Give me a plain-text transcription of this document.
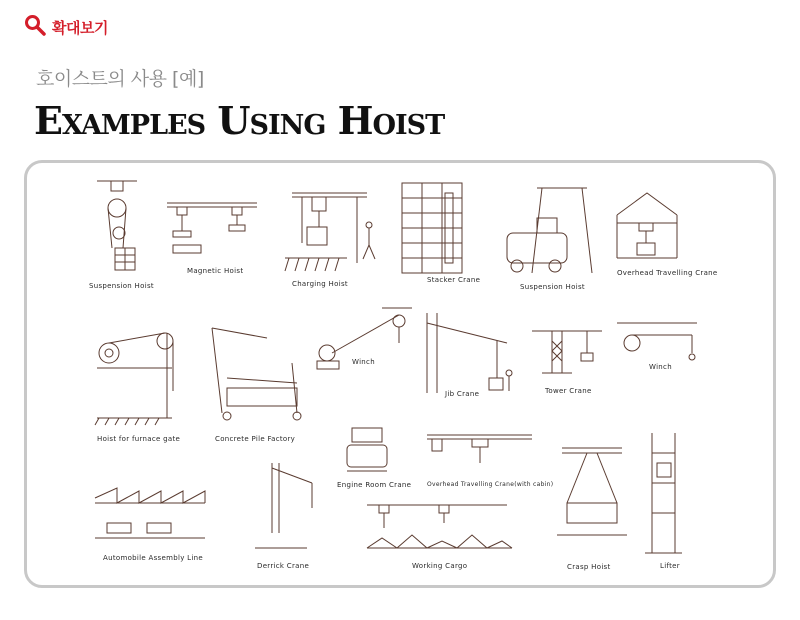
확대보기
호이스트의 사용 [예]
Examples Using Hoist
Suspension Hoist
Magnetic Hoist
Charging Hoist	Stacker Crane
Suspension Hoist
Overhead Travelling Crane
Winch
Winch
Jib Crane	Tower Crane
Hoist for furnace gate	Concrete Pile Factory
Engine Room Crane	Overhead Travelling Crane(with cabin)
Automobile Assembly Line
Derrick Crane	Working Cargo	Crasp Hoist	Lifter
